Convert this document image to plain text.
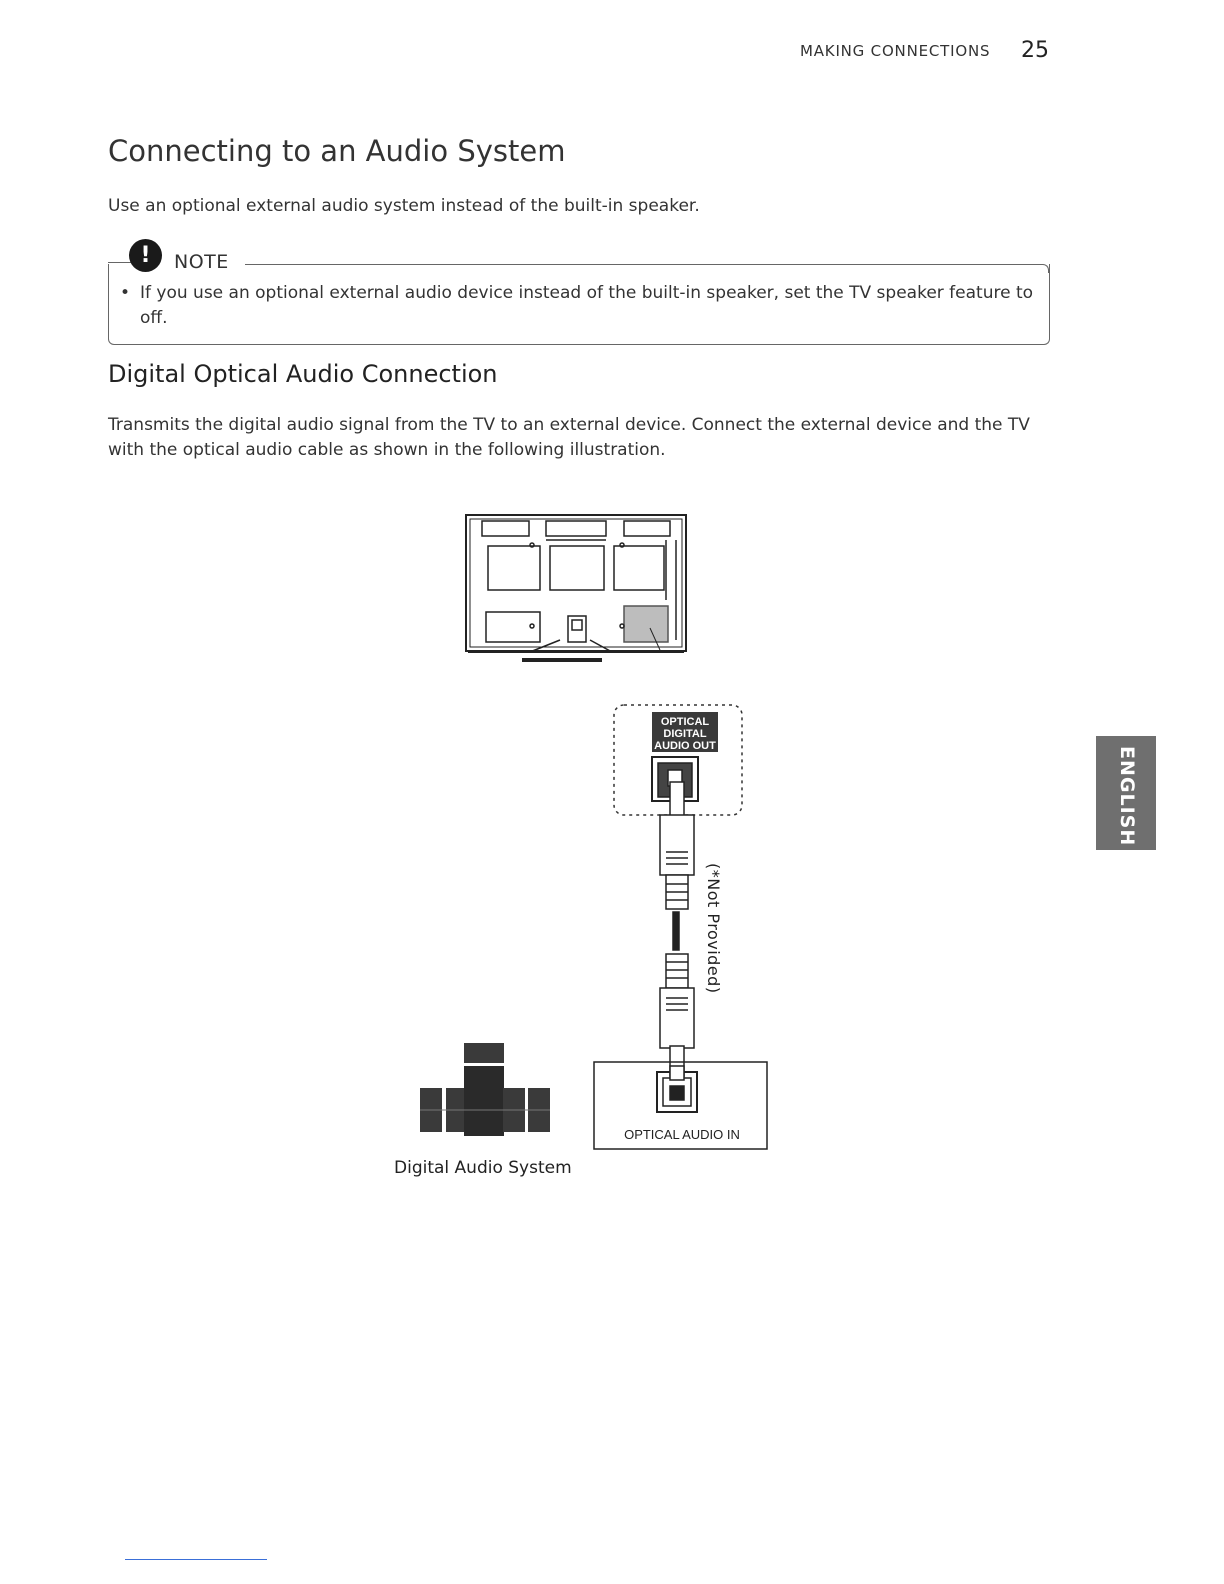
MAKING CONNECTIONS 25
Connecting to an Audio System

Use an optional external audio system instead of the built-in speaker.

!	NOTE
• If you use an optional external audio device instead of the built-in speaker, set the TV speaker feature to off.

Digital Optical Audio Connection

Transmits the digital audio signal from the TV to an external device. Connect the external device and the TV with the optical audio cable as shown in the following illustration.

OPTICAL
DIGITAL
AUDIO OUT
OPTICAL AUDIO IN
(*Not Provided)
Digital Audio System
ENGLISH
